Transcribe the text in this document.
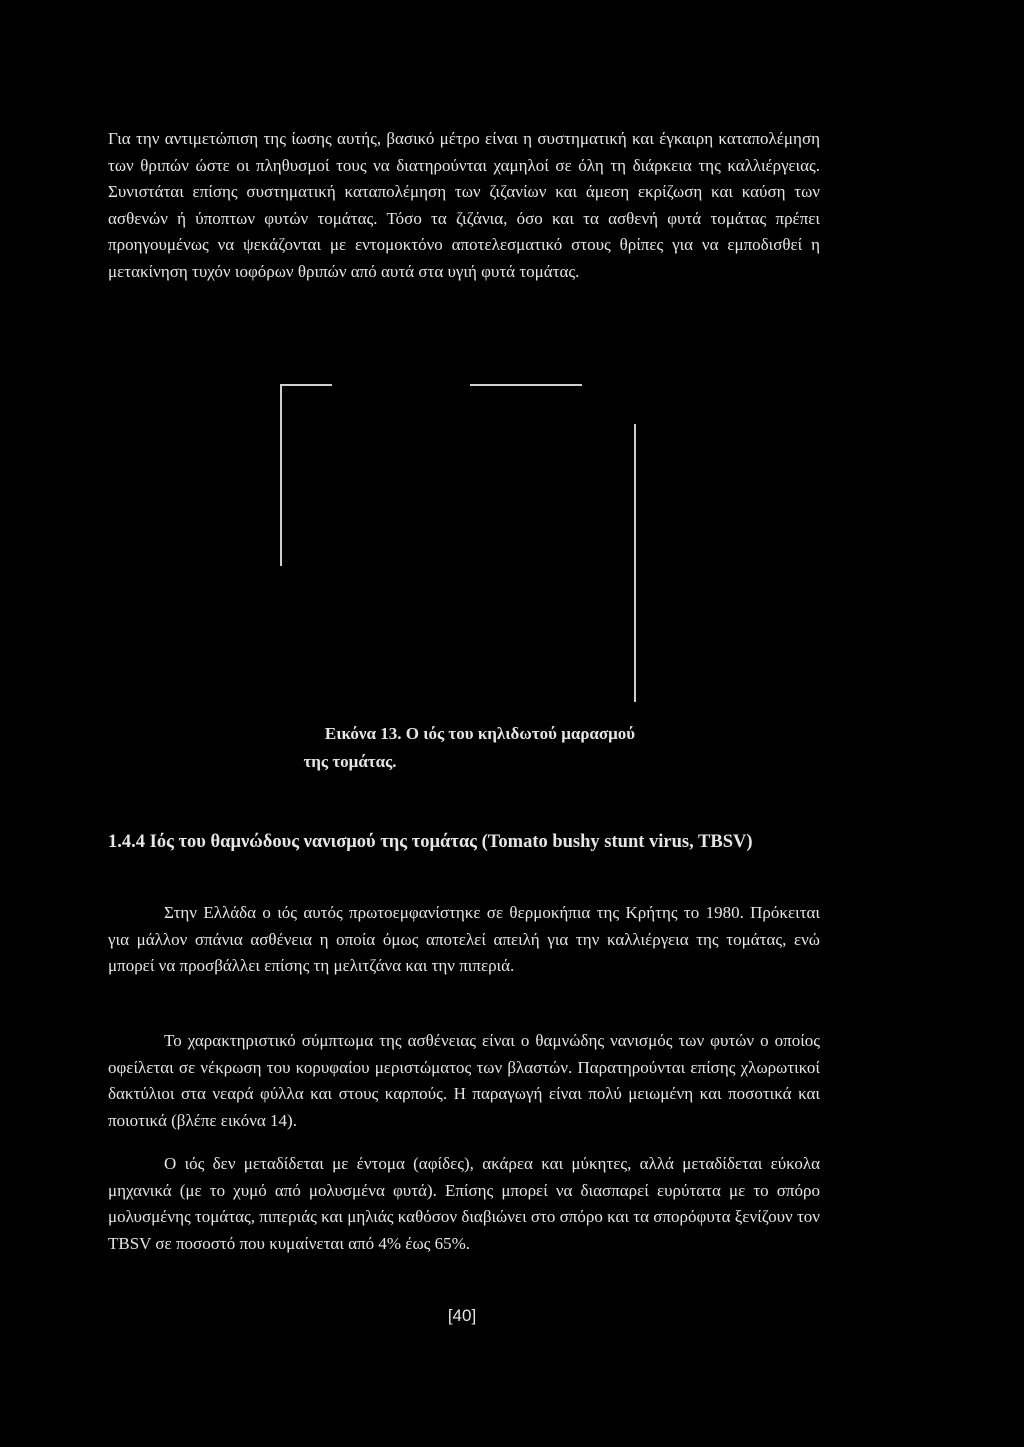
Για την αντιμετώπιση της ίωσης αυτής, βασικό μέτρο είναι η συστηματική και έγκαιρη καταπολέμηση των θριπών ώστε οι πληθυσμοί τους να διατηρούνται χαμηλοί σε όλη τη διάρκεια της καλλιέργειας. Συνιστάται επίσης συστηματική καταπολέμηση των ζιζανίων και άμεση εκρίζωση και καύση των ασθενών ή ύποπτων φυτών τομάτας. Τόσο τα ζιζάνια, όσο και τα ασθενή φυτά τομάτας πρέπει προηγουμένως να ψεκάζονται με εντομοκτόνο αποτελεσματικό στους θρίπες για να εμποδισθεί η μετακίνηση τυχόν ιοφόρων θριπών από αυτά στα υγιή φυτά τομάτας.

Εικόνα 13. Ο ιός του κηλιδωτού μαρασμού

της τομάτας.

1.4.4 Ιός του θαμνώδους νανισμού της τομάτας (Tomato bushy stunt virus, TBSV)

Στην Ελλάδα ο ιός αυτός πρωτοεμφανίστηκε σε θερμοκήπια της Κρήτης το 1980. Πρόκειται για μάλλον σπάνια ασθένεια η οποία όμως αποτελεί απειλή για την καλλιέργεια της τομάτας, ενώ μπορεί να προσβάλλει επίσης τη μελιτζάνα και την πιπεριά.

Το χαρακτηριστικό σύμπτωμα της ασθένειας είναι ο θαμνώδης νανισμός των φυτών ο οποίος οφείλεται σε νέκρωση του κορυφαίου μεριστώματος των βλαστών. Παρατηρούνται επίσης χλωρωτικοί δακτύλιοι στα νεαρά φύλλα και στους καρπούς. Η παραγωγή είναι πολύ μειωμένη και ποσοτικά και ποιοτικά (βλέπε εικόνα 14).

Ο ιός δεν μεταδίδεται με έντομα (αφίδες), ακάρεα και μύκητες, αλλά μεταδίδεται εύκολα μηχανικά (με το χυμό από μολυσμένα φυτά). Επίσης μπορεί να διασπαρεί ευρύτατα με το σπόρο μολυσμένης τομάτας, πιπεριάς και μηλιάς καθόσον διαβιώνει στο σπόρο και τα σπορόφυτα ξενίζουν τον TBSV σε ποσοστό που κυμαίνεται από 4% έως 65%.

[40]
